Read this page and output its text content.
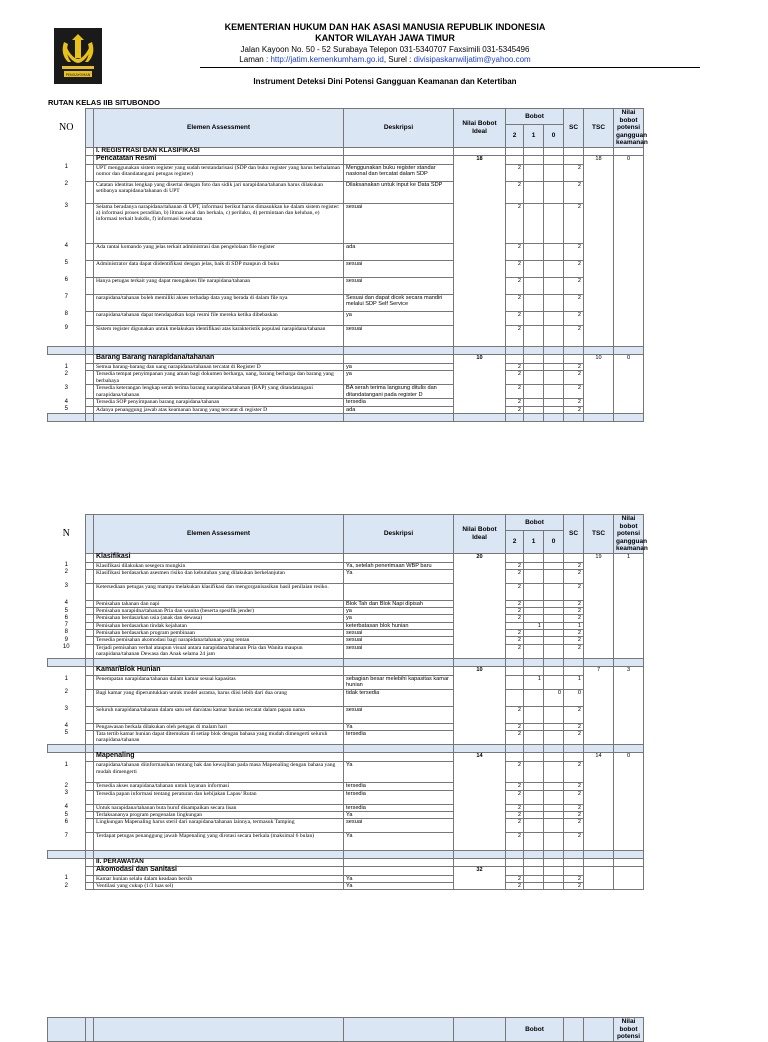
PENGAYOMAN
KEMENTERIAN HUKUM DAN HAK ASASI MANUSIA REPUBLIK INDONESIA
KANTOR WILAYAH JAWA TIMUR
Jalan Kayoon No. 50 - 52 Surabaya Telepon 031-5340707 Faxsimili 031-5345496
Laman : http://jatim.kemenkumham.go.id, Surel : divisipaskanwiljatim@yahoo.com
Instrument Deteksi Dini Potensi Gangguan Keamanan dan Ketertiban
RUTAN KELAS IIB SITUBONDO
NO		Elemen Assessment	Deskripsi	Nilai Bobot Ideal	Bobot			SC	TSC	Nilai bobot potensi gangguan keamanan
					2	1	0			
		I. REGISTRASI DAN KLASIFIKASI								
		Pencatatan Resmi		18					18	0
1		UPT menggunakan sistem register yang sudah terstandarisasi (SDP dan buku register yang harus berhalaman nomor dan ditandatangani petugas register)	Menggunakan buku register standar nasional dan tercatat dalam SDP		2			2		
2		Catatan identitas lengkap yang disertai dengan foto dan sidik jari narapidana/tahanan harus dilakukan setibanya narapidana/tahanan di UPT	Dilaksanakan untuk input ke Data SDP		2			2		
3		Selama beradanya narapidana/tahanan di UPT, informasi berikut harus dimasukkan ke dalam sistem register: a) informasi proses peradilan, b) litmas awal dan berkala, c) perilaku, d) permintaan dan keluhan, e) informasi terkait hukdis, f) informasi kesehatan	sesuai		2			2		
4		Ada rantai komando yang jelas terkait administrasi dan pengelolaan file register	ada		2			2		
5		Administrator data dapat diidentifikasi dengan jelas, baik di SDP maupun di buku	sesuai		2			2		
6		Hanya petugas terkait yang dapat mengakses file narapidana/tahanan	sesuai		2			2		
7		narapidana/tahanan boleh memiliki akses terhadap data yang berada di dalam file nya	Sesuai dan dapat dicek secara mandiri melalui SDP Self Service		2			2		
8		narapidana/tahanan dapat mendapatkan kopi resmi file mereka ketika dibebaskan	ya		2			2		
9		Sistem register digunakan untuk melakukan identifikasi atas karakteristik populasi narapidana/tahanan	sesuai		2			2		

		Barang Barang narapidana/tahanan		10					10	0
1		Semua barang-barang dan uang narapidana/tahanan tercatat di Register D	ya		2			2		
2		Tersedia tempat penyimpanan yang aman bagi dokumen berharga, uang, barang berharga dan barang yang berbahaya	ya		2			2		
3		Tersedia keterangan lengkap serah terima barang narapidana/tahanan (BAP) yang ditandatangani narapidana/tahanan	BA serah terima langsung ditulis dan ditandatangani pada register D		2			2		
4		Tersedia SOP penyimpanan barang narapidana/tahanan	tersedia		2			2		
5		Adanya penanggung jawab atas keamanan barang yang tercatat di register D	ada		2			2		

N		Elemen Assessment	Deskripsi	Nilai Bobot Ideal	Bobot			SC	TSC	Nilai bobot potensi gangguan keamanan
					2	1	0			
		Klasifikasi		20					19	1
1		Klasifikasi dilakukan sesegera mungkin	Ya, setelah penerimaan WBP baru		2			2		
2		Klasifikasi berdasarkan asesmen risiko dan kebutuhan yang dilakukan berkelanjutan	Ya		2			2		
3		Ketersediaan petugas yang mampu melakukan klasifikasi dan mengorganisasikan hasil penilaian resiko.			2			2		
4		Pemisahan tahanan dan napi	Blok Tah dan Blok Napi dipisah		2			2		
5		Pemisahan narapidna/tahanan Pria dan wanita (beserta spesifik jender)	ya		2			2		
6		Pemisahan berdasarkan usia (anak dan dewasa)	ya		2			2		
7		Pemisahan berdasarkan tindak kejahatan	keterbatasan blok hunian			1		1		
8		Pemisahan berdasarkan program pembinaan	sesuai		2			2		
9		Tersedia pemisahan akomodasi bagi narapidana/tahanan yang rentan	sesuai		2			2		
10		Terjadi pemisahan verbal ataupun visual antara narapidana/tahanan Pria dan Wanita maupun narapidana/tahanan Dewasa dan Anak selama 24 jam	sesuai		2			2		

		Kamar/Blok Hunian		10					7	3
1		Penempatan narapidana/tahanan dalam kamar sesuai kapasitas	sebagian besar melebihi kapasitas kamar hunian			1		1		
2		Bagi kamar yang diperuntukkan untuk model asrama, harus diisi lebih dari dua orang	tidak tersedia				0	0		
3		Seluruh narapidana/tahanan dalam satu sel dan/atau kamar hunian tercatat dalam papan nama	sesuai		2			2		
4		Pengawasan berkala dilakukan oleh petugas di malam hari	Ya		2			2		
5		Tata tertib kamar hunian dapat ditemukan di setiap blok dengan bahasa yang mudah dimengerti seluruh narapidana/tahanan	tersedia		2			2		

		Mapenaling		14					14	0
1		narapidana/tahanan diinformasikan tentang hak dan kewajiban pada masa Mapenaling dengan bahasa yang mudah dimengerti	Ya		2			2		
2		Tersedia akses narapidana/tahanan untuk layanan informasi	tersedia		2			2		
3		Tersedia papan informasi tentang peraturan dan kebijakan Lapas/ Rutan	tersedia		2			2		
4		Untuk narapidana/tahanan buta huruf disampaikan secara lisan	tersedia		2			2		
5		Terlaksananya program pengenalan lingkungan	Ya		2			2		
6		Lingkungan Mapenaling harus steril dari narapidana/tahanan lainnya, termasuk Tamping	sesuai		2			2		
7		Terdapat petugas penanggung jawab Mapenaling yang dirotasi secara berkala (maksimal 6 bulan)	Ya		2			2		

		II. PERAWATAN								
		Akomodasi dan Sanitasi		32						
1		Kamar hunian selalu dalam keadaan bersih	Ya		2			2		
2		Ventilasi yang cukup (1/3 luas sel)	Ya		2			2		
					Bobot			Nilai bobot potensi
